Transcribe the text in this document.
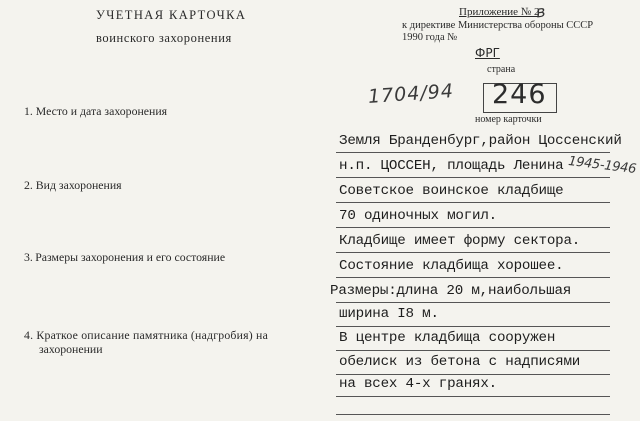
УЧЕТНАЯ КАРТОЧКА
воинского захоронения
Приложение № 2
в
к директиве Министерства обороны СССР
1990 года №
ФРГ
страна
1704/94 246
номер карточки
1. Место и дата захоронения
2. Вид захоронения
3. Размеры захоронения и его состояние
4. Краткое описание памятника (надгробия) на
захоронении
Земля Бранденбург,район Цоссенский
н.п. ЦОССЕН, площадь Ленина 1945-1946
Советское воинское кладбище
70 одиночных могил.
Кладбище имеет форму сектора.
Состояние кладбища хорошее.
Размеры:длина 20 м,наибольшая
ширина I8 м.
В центре кладбища сооружен
обелиск из бетона с надписями
на всех 4-х гранях.
